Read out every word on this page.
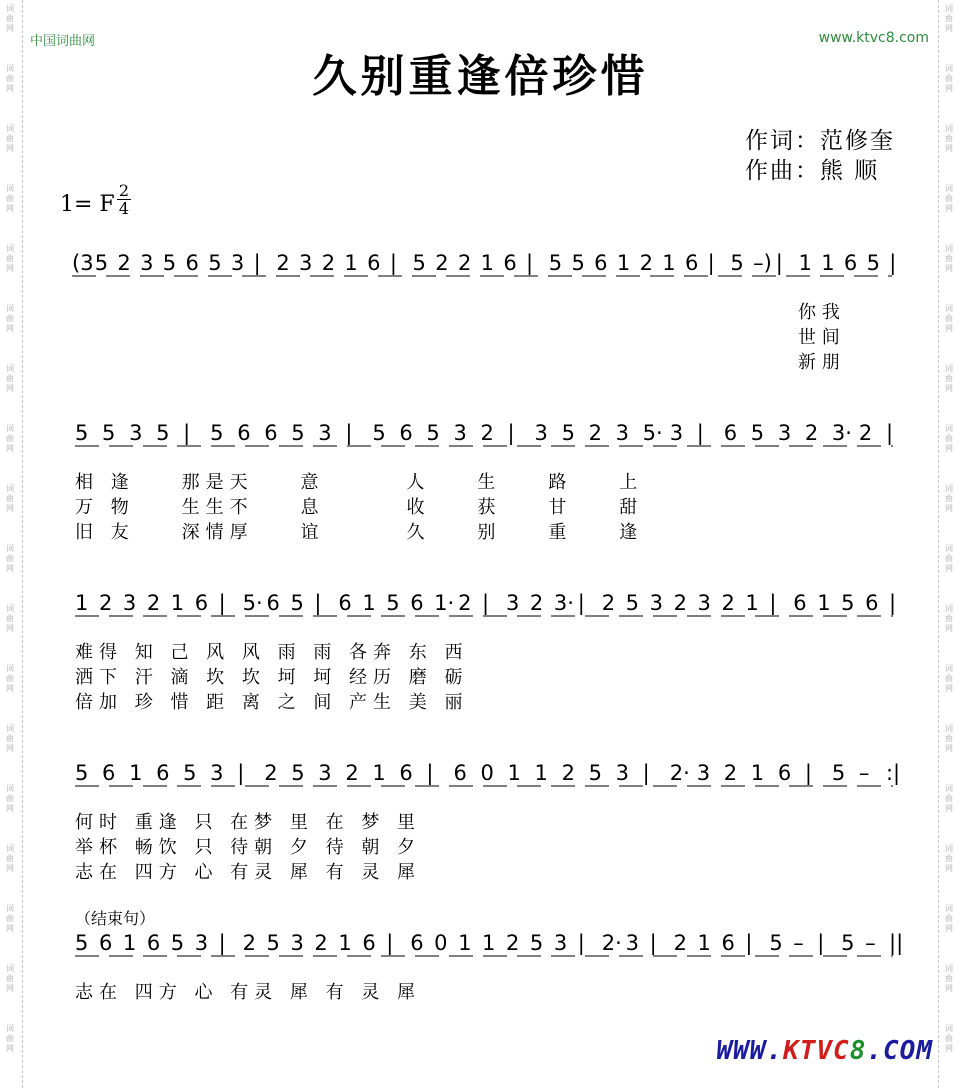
词
曲
网
词
曲
网
词
曲
网
词
曲
网
词
曲
网
词
曲
网
词
曲
网
词
曲
网
词
曲
网
词
曲
网
词
曲
网
词
曲
网
词
曲
网
词
曲
网
词
曲
网
词
曲
网
词
曲
网
词
曲
网
词
曲
网
词
曲
网
词
曲
网
词
曲
网
词
曲
网
词
曲
网
词
曲
网
词
曲
网
词
曲
网
词
曲
网
词
曲
网
词
曲
网
词
曲
网
词
曲
网
词
曲
网
词
曲
网
词
曲
网
词
曲
网
中国词曲网	www.ktvc8.com
久别重逢倍珍惜
作词：范修奎
作曲：熊 顺
1= F $\frac{2}{4}$
(3 5 2 3 5 6 5 3 | 2 3 2 1 6 | 5 2 2 1 6 | 5 5 6 1 2 1 6 | 5 –) | 1 1 6 5 |
5 5 3 5 | 5 6 6 5 3 | 5 6 5 3 2 | 3 5 2 3 5· 3 | 6 5 3 2 3· 2 |
1 2 3 2 1 6 | 5· 6 5 | 6 1 5 6 1· 2 | 3 2 3· | 2 5 3 2 3 2 1 | 6 1 5 6 |
5 6 1 6 5 3 | 2 5 3 2 1 6 | 6 0 1 1 2 5 3 | 2· 3 2 1 6 | 5 – :|
5 6 1 6 5 3 | 2 5 3 2 1 6 | 6 0 1 1 2 5 3 | 2· 3 | 2 1 6 | 5 – | 5 – ||
你 我
世 间
新 朋
相 逢    那是天    意       人    生    路    上
万 物    生生不    息       收    获    甘    甜
旧 友    深情厚    谊       久    别    重    逢
难得 知 己 风 风 雨 雨 各奔 东 西
洒下 汗 滴 坎 坎 坷 坷 经历 磨 砺
倍加 珍 惜 距 离 之 间 产生 美 丽
何时 重逢 只 在梦 里 在 梦 里
举杯 畅饮 只 待朝 夕 待 朝 夕
志在 四方 心 有灵 犀 有 灵 犀
志在 四方 心 有灵 犀 有 灵 犀
（结束句）
WWW.KTVC8.COM
